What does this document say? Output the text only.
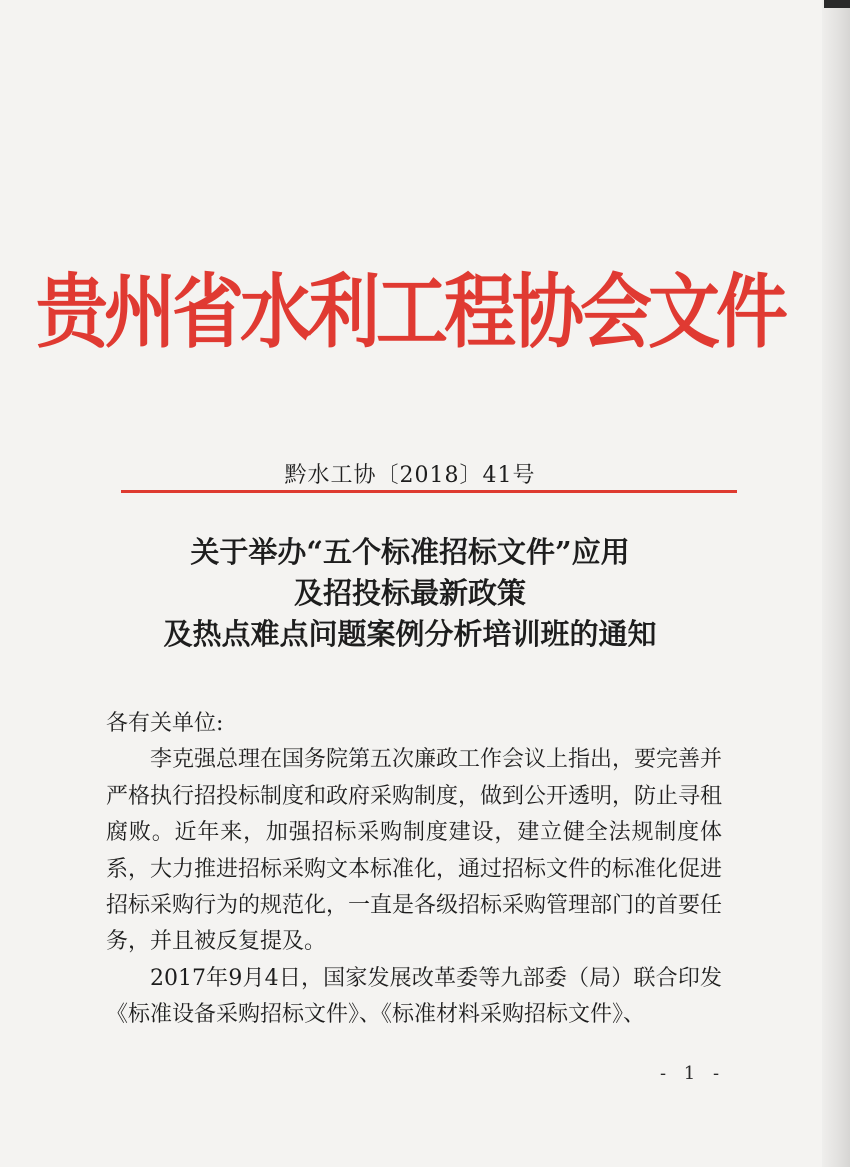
贵州省水利工程协会文件
黔水工协〔2018〕41号
关于举办“五个标准招标文件”应用
及招投标最新政策
及热点难点问题案例分析培训班的通知

各有关单位:

李克强总理在国务院第五次廉政工作会议上指出，要完善并严格执行招投标制度和政府采购制度，做到公开透明，防止寻租腐败。近年来，加强招标采购制度建设，建立健全法规制度体系，大力推进招标采购文本标准化，通过招标文件的标准化促进招标采购行为的规范化，一直是各级招标采购管理部门的首要任务，并且被反复提及。

2017年9月4日，国家发展改革委等九部委（局）联合印发《标准设备采购招标文件》、《标准材料采购招标文件》、

- 1 -
